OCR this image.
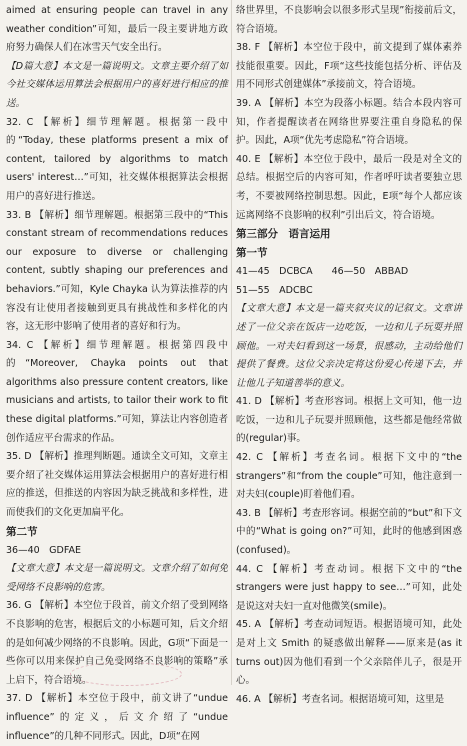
aimed at ensuring people can travel in any weather condition”可知，最后一段主要讲地方政府努力确保人们在冰雪天气安全出行。

【D篇大意】本文是一篇说明文。文章主要介绍了如今社交媒体运用算法会根据用户的喜好进行相应的推送。

32. C 【解析】细节理解题。根据第一段中的“Today, these platforms present a mix of content, tailored by algorithms to match users' interest…”可知，社交媒体根据算法会根据用户的喜好进行推送。

33. B 【解析】细节理解题。根据第三段中的“This constant stream of recommendations reduces our exposure to diverse or challenging content, subtly shaping our preferences and behaviors.”可知，Kyle Chayka 认为算法推荐的内容没有让使用者接触到更具有挑战性和多样化的内容，这无形中影响了使用者的喜好和行为。

34. C 【解析】细节理解题。根据第四段中的“Moreover, Chayka points out that algorithms also pressure content creators, like musicians and artists, to tailor their work to fit these digital platforms.”可知，算法让内容创造者创作适应平台需求的作品。

35. D 【解析】推理判断题。通读全文可知，文章主要介绍了社交媒体运用算法会根据用户的喜好进行相应的推送，但推送的内容因为缺乏挑战和多样性，进而使我们的文化更加扁平化。

第二节

36—40　GDFAE

【文章大意】本文是一篇说明文。文章介绍了如何免受网络不良影响的危害。

36. G 【解析】本空位于段首，前文介绍了受到网络不良影响的危害，根据后文的小标题可知，后文介绍的是如何减少网络的不良影响。因此，G项“下面是一些你可以用来保护自己免受网络不良影响的策略”承上启下，符合语境。

37. D 【解析】本空位于段中，前文讲了“undue influence”的定义，后文介绍了“undue influence”的几种不同形式。因此，D项“在网

络世界里，不良影响会以很多形式呈现”衔接前后文，符合语境。

38. F 【解析】本空位于段中，前文提到了媒体素养技能很重要。因此，F项“这些技能包括分析、评估及用不同形式创建媒体”承接前文，符合语境。

39. A 【解析】本空为段落小标题。结合本段内容可知，作者提醒读者在网络世界要注重自身隐私的保护。因此，A项“优先考虑隐私”符合语境。

40. E 【解析】本空位于段中，最后一段是对全文的总结。根据空后的内容可知，作者呼吁读者要独立思考，不要被网络控制思想。因此，E项“每个人都应该远离网络不良影响的权利”引出后文，符合语境。

第三部分　语言运用

第一节

41—45　DCBCA　　46—50　ABBAD

51—55　ADCBC

【文章大意】本文是一篇夹叙夹议的记叙文。文章讲述了一位父亲在饭店一边吃饭，一边和儿子玩耍并照顾他。一对夫妇看到这一场景，很感动，主动给他们提供了餐费。这位父亲决定将这份爱心传递下去，并让他儿子知道善举的意义。

41. D 【解析】考查形容词。根据上文可知，他一边吃饭，一边和儿子玩耍并照顾他，这些都是他经常做的(regular)事。

42. C 【解析】考查名词。根据下文中的“the strangers”和“from the couple”可知，他注意到一对夫妇(couple)盯着他们看。

43. B 【解析】考查形容词。根据空前的“but”和下文中的“What is going on?”可知，此时的他感到困惑(confused)。

44. C 【解析】考查动词。根据下文中的“the strangers were just happy to see…”可知，此处是说这对夫妇一直对他微笑(smile)。

45. A 【解析】考查动词短语。根据语境可知，此处是对上文 Smith 的疑惑做出解释——原来是(as it turns out)因为他们看到一个父亲陪伴儿子，很是开心。

46. A 【解析】考查名词。根据语境可知，这里是
